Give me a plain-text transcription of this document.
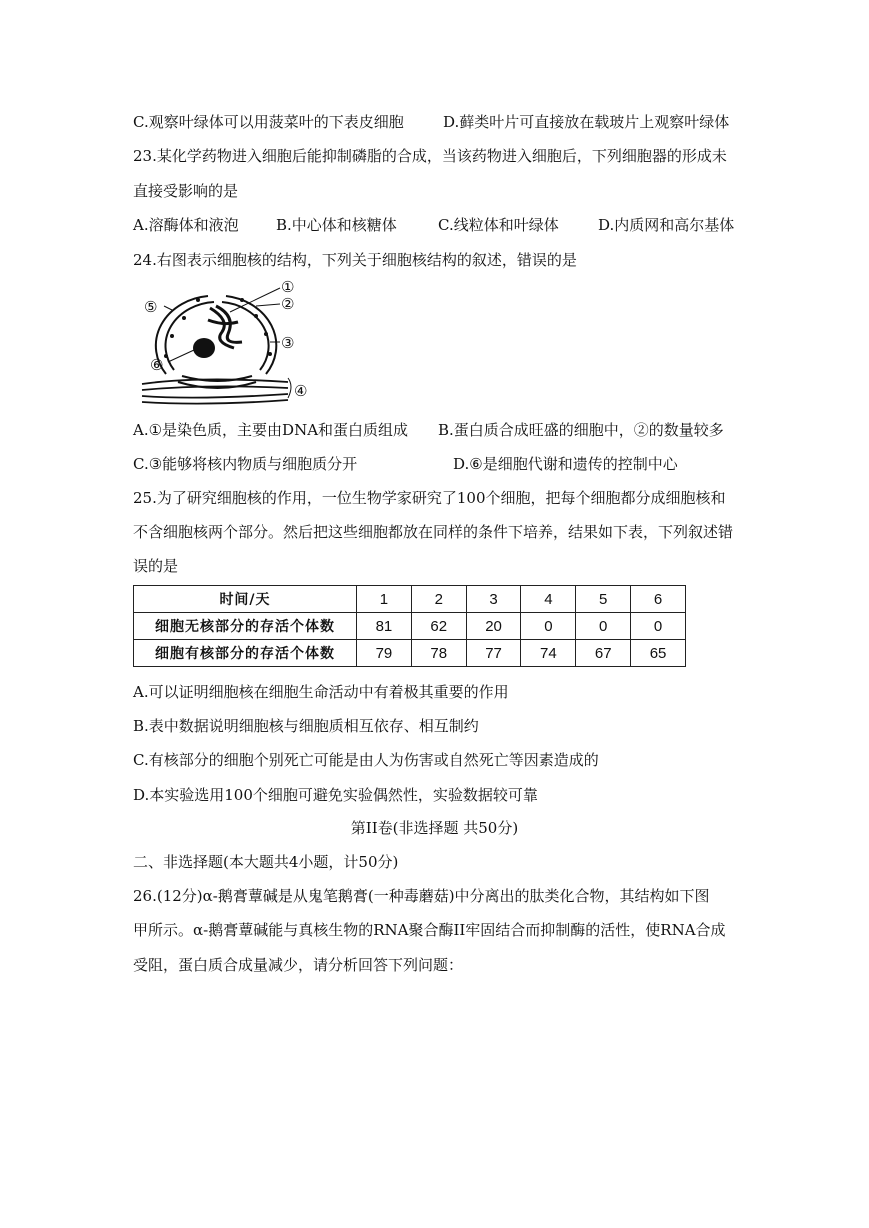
C.观察叶绿体可以用菠菜叶的下表皮细胞	D.藓类叶片可直接放在载玻片上观察叶绿体
23.某化学药物进入细胞后能抑制磷脂的合成，当该药物进入细胞后，下列细胞器的形成未
直接受影响的是
A.溶酶体和液泡 B.中心体和核糖体	C.线粒体和叶绿体	D.内质网和高尔基体
24.右图表示细胞核的结构，下列关于细胞核结构的叙述，错误的是
①
②
③
④
⑤
⑥
A.①是染色质，主要由DNA和蛋白质组成 B.蛋白质合成旺盛的细胞中，②的数量较多
C.③能够将核内物质与细胞质分开	D.⑥是细胞代谢和遗传的控制中心
25.为了研究细胞核的作用，一位生物学家研究了100个细胞，把每个细胞都分成细胞核和
不含细胞核两个部分。然后把这些细胞都放在同样的条件下培养，结果如下表，下列叙述错
误的是
时间/天	1	2	3	4	5	6
细胞无核部分的存活个体数	81	62	20	0	0	0
细胞有核部分的存活个体数	79	78	77	74	67	65
A.可以证明细胞核在细胞生命活动中有着极其重要的作用
B.表中数据说明细胞核与细胞质相互依存、相互制约
C.有核部分的细胞个别死亡可能是由人为伤害或自然死亡等因素造成的
D.本实验选用100个细胞可避免实验偶然性，实验数据较可靠
第II卷(非选择题 共50分)
二、非选择题(本大题共4小题，计50分)
26.(12分)α-鹅膏蕈碱是从鬼笔鹅膏(一种毒蘑菇)中分离出的肽类化合物，其结构如下图
甲所示。α-鹅膏蕈碱能与真核生物的RNA聚合酶II牢固结合而抑制酶的活性，使RNA合成
受阻，蛋白质合成量减少，请分析回答下列问题：
